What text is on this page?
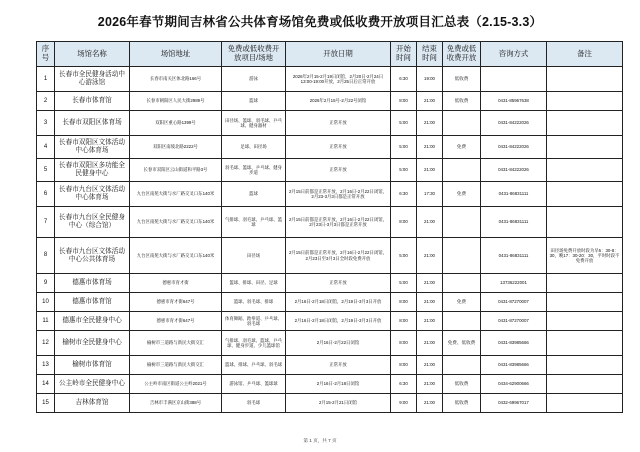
2026年春节期间吉林省公共体育场馆免费或低收费开放项目汇总表（2.15-3.3）
序号	场馆名称	场馆地址	免费或低收费开放项目/场地	开放日期	开始时间	结束时间	免费或低收费开放	咨询方式	备注
1	长春市全民健身活动中心游泳馆	长春市南关区体北路166号	游泳	2026年2月15-2月19日闭馆，2月20日-2月24日13:00-19:00开放，2月25日后正常开放	6:30	19:00	低收费		
2	长春市体育馆	长春市朝阳区人民大街2989号	篮球	2026年2月15号-2月22号闭馆	8:00	21:00	低收费	0431-85967638	
3	长春市双阳区体育场	双阳区重心路1399号	田径场、篮球、羽毛球、乒乓球、健身器材	正常开放	5:00	21:00		0431-84222026	
4	长春市双阳区文体活动中心体育场	双阳区南坡北路2222号	足球、田径场	正常开放	5:00	21:00	免费	0431-84222026	
5	长春市双阳区多功能全民健身中心	长春市双阳区云山街道和平路3号	羽毛球、篮球、乒乓球、健身步道	正常开放	5:00	21:00		0431-84222026	
6	长春市九台区文体活动中心体育场	九台区南苑大街与水厂路交叉口东140米	篮球	2月15日前都是正常开放，2月16日-2月22日闭馆，2月23-3月3日都是正常开放	6:30	17:30	免费	0431-86831111	
7	长春市九台区全民健身中心（综合馆）	九台区南苑大街与水厂路交叉口东140米	气排球、羽毛球、乒乓球、篮球	2月15日前都是正常开放，2月16日-2月22日闭馆，2月23日-3月3日都是正常开放	8:00	21:00		0431-86831111	
8	长春市九台区文体活动中心公共体育场	九台区南苑大街与水厂路交叉口东140米	田径场	2月15日前都是正常开放，2月16日-2月22日闭馆，2月23日至3月3日全时段免费开放	5:00	21:00		0431-86831111	田径场免费开放时段为早5：30-8：30，晚17：30-20：30，平时时段不免费开放
9	德惠市体育场	德惠市育才街	篮球、排球、田径、足球	正常开放	5:00	21:00		13736222001	
10	德惠市体育馆	德惠市育才街647号	篮球、羽毛球、排球	2月16日-2月18日闭馆，2月19日-3月3日开放	8:00	21:00	免费	0431-87270007	
11	德惠市全民健身中心	德惠市育才街647号	体育舞蹈、跆拳道、乒乓球、羽毛球	2月16日-2月18日闭馆，2月19日-3月3日开放	8:00	21:00		0431-87270007	
12	榆树市全民健身中心	榆树市三道路与新民大街交汇	气排球、羽毛球、篮球、乒乓球、健身步道、少儿篮球馆	2月16日-2月22日闭馆	8:00	21:00	免费、低收费	0431-83985666	
13	榆树市体育馆	榆树市三道路与新民大街交汇	篮球、排球、乒乓球、羽毛球	正常开放	8:00	21:00		0431-83985666	
14	公主岭市全民健身中心	公主岭市南区街道公主岭2021号	游泳馆、乒乓球、篮球球	2月16日-2月18日闭馆	6:30	21:00	低收费	0434-62900666	
15	吉林体育馆	吉林市丰满区京山街388号	羽毛球	2月15-2月21日闭馆	9:00	21:00	低收费	0432-69967017	
第 1 页，共 7 页
